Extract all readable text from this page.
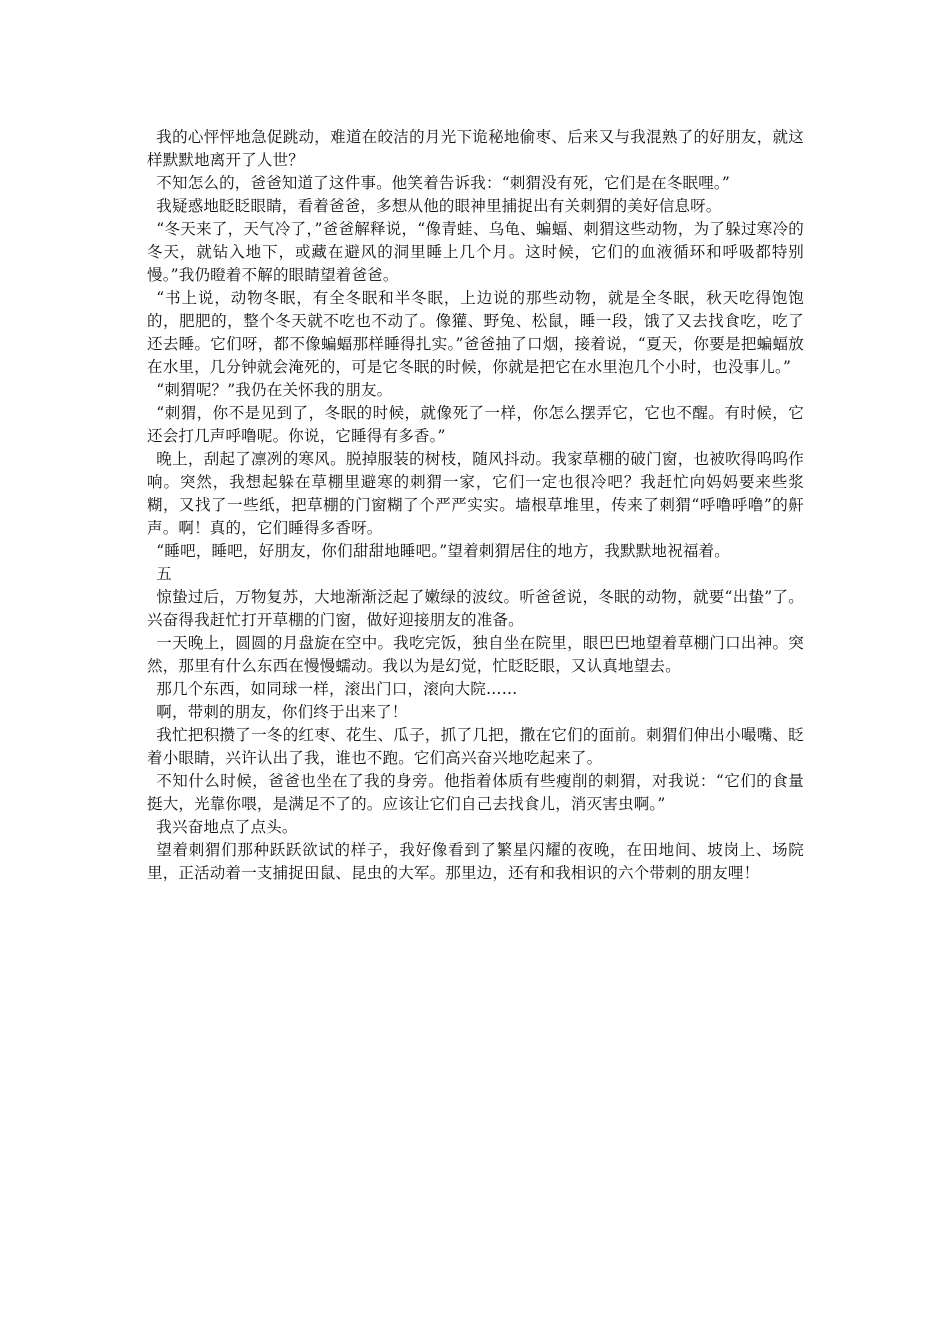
我的心怦怦地急促跳动，难道在皎洁的月光下诡秘地偷枣、后来又与我混熟了的好朋友，就这样默默地离开了人世？

不知怎么的，爸爸知道了这件事。他笑着告诉我：“刺猬没有死，它们是在冬眠哩。”

我疑惑地眨眨眼睛，看着爸爸，多想从他的眼神里捕捉出有关刺猬的美好信息呀。

“冬天来了，天气冷了，”爸爸解释说，“像青蛙、乌龟、蝙蝠、刺猬这些动物，为了躲过寒冷的冬天，就钻入地下，或藏在避风的洞里睡上几个月。这时候，它们的血液循环和呼吸都特别慢。”我仍瞪着不解的眼睛望着爸爸。

“书上说，动物冬眠，有全冬眠和半冬眠，上边说的那些动物，就是全冬眠，秋天吃得饱饱的，肥肥的，整个冬天就不吃也不动了。像獾、野兔、松鼠，睡一段，饿了又去找食吃，吃了还去睡。它们呀，都不像蝙蝠那样睡得扎实。”爸爸抽了口烟，接着说，“夏天，你要是把蝙蝠放在水里，几分钟就会淹死的，可是它冬眠的时候，你就是把它在水里泡几个小时，也没事儿。”

“刺猬呢？”我仍在关怀我的朋友。

“刺猬，你不是见到了，冬眠的时候，就像死了一样，你怎么摆弄它，它也不醒。有时候，它还会打几声呼噜呢。你说，它睡得有多香。”

晚上，刮起了凛冽的寒风。脱掉服装的树枝，随风抖动。我家草棚的破门窗，也被吹得呜呜作响。突然，我想起躲在草棚里避寒的刺猬一家，它们一定也很冷吧？我赶忙向妈妈要来些浆糊，又找了一些纸，把草棚的门窗糊了个严严实实。墙根草堆里，传来了刺猬“呼噜呼噜”的鼾声。啊！真的，它们睡得多香呀。

“睡吧，睡吧，好朋友，你们甜甜地睡吧。”望着刺猬居住的地方，我默默地祝福着。

五

惊蛰过后，万物复苏，大地渐渐泛起了嫩绿的波纹。听爸爸说，冬眠的动物，就要“出蛰”了。兴奋得我赶忙打开草棚的门窗，做好迎接朋友的准备。

一天晚上，圆圆的月盘旋在空中。我吃完饭，独自坐在院里，眼巴巴地望着草棚门口出神。突然，那里有什么东西在慢慢蠕动。我以为是幻觉，忙眨眨眼，又认真地望去。

那几个东西，如同球一样，滚出门口，滚向大院……

啊，带刺的朋友，你们终于出来了！

我忙把积攒了一冬的红枣、花生、瓜子，抓了几把，撒在它们的面前。刺猬们伸出小嘬嘴、眨着小眼睛，兴许认出了我，谁也不跑。它们高兴奋兴地吃起来了。

不知什么时候，爸爸也坐在了我的身旁。他指着体质有些瘦削的刺猬，对我说：“它们的食量挺大，光靠你喂，是满足不了的。应该让它们自己去找食儿，消灭害虫啊。”

我兴奋地点了点头。

望着刺猬们那种跃跃欲试的样子，我好像看到了繁星闪耀的夜晚，在田地间、坡岗上、场院里，正活动着一支捕捉田鼠、昆虫的大军。那里边，还有和我相识的六个带刺的朋友哩！
